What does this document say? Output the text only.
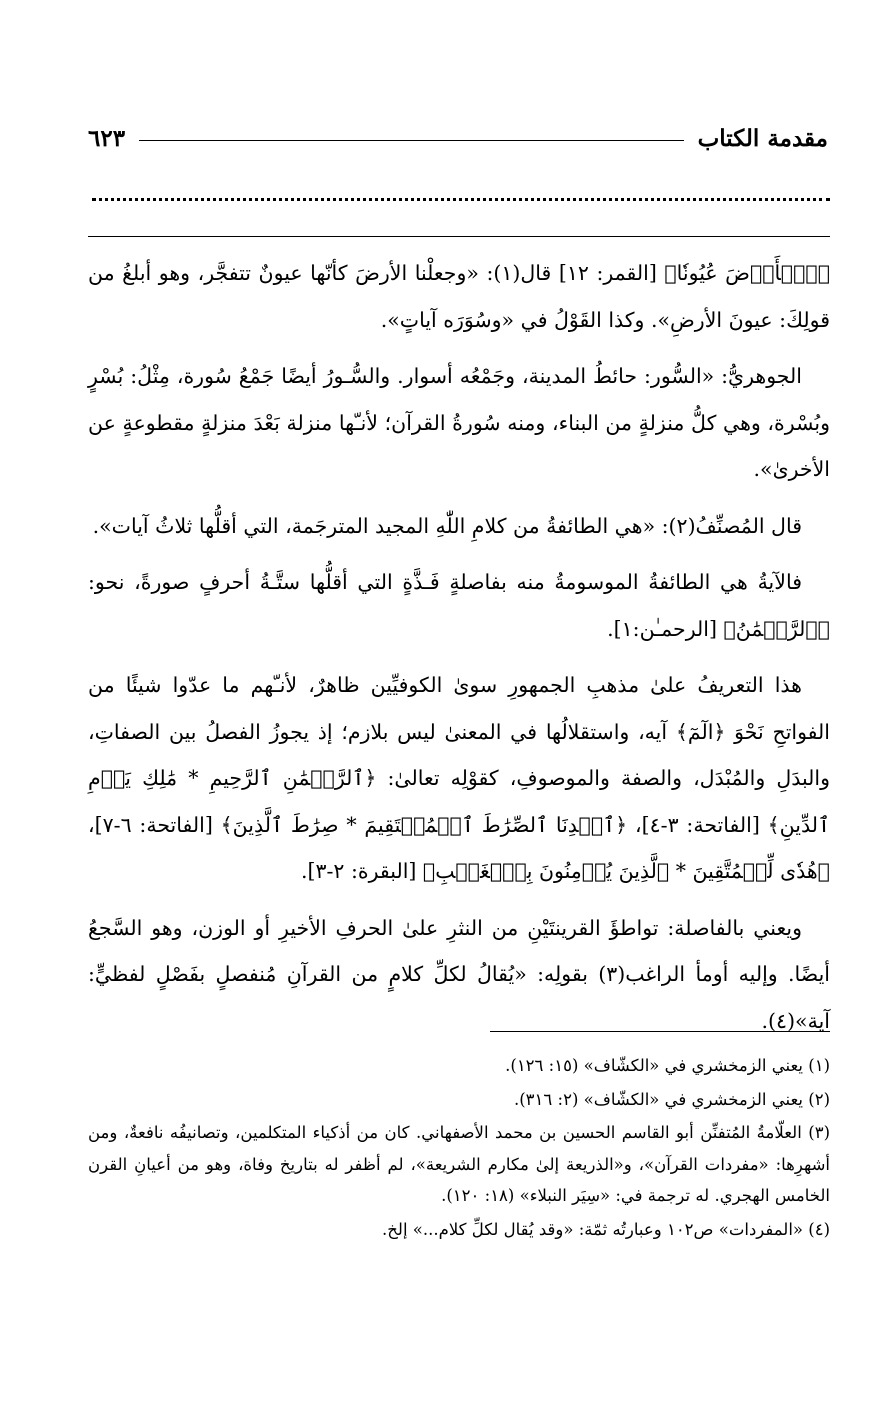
مقدمة الكتاب
٦٢٣

﴿ٱلۡأَرۡضَ عُيُونٗا﴾ [القمر: ١٢] قال(١): «وجعلْنا الأرضَ كأنّها عيونٌ تتفجَّر، وهو أبلغُ من قولِكَ: عيونَ الأرضِ». وكذا القَوْلُ في «وسُوَرَه آياتٍ».

الجوهريُّ: «السُّور: حائطُ المدينة، وجَمْعُه أسوار. والسُّـورُ أيضًا جَمْعُ سُورة، مِثْلُ: بُسْرٍ وبُسْرة، وهي كلُّ منزلةٍ من البناء، ومنه سُورةُ القرآن؛ لأنـّها منزلة بَعْدَ منزلةٍ مقطوعةٍ عن الأخرىٰ».

قال المُصنِّفُ(٢): «هي الطائفةُ من كلامِ اللّٰهِ المجيد المترجَمة، التي أقلُّها ثلاثُ آيات».

فالآيةُ هي الطائفةُ الموسومةُ منه بفاصلةٍ فَـذَّةٍ التي أقلُّها ستَّـةُ أحرفٍ صورةً، نحو: ﴿ٱلرَّحۡمَٰنُ﴾ [الرحمـٰن:١].

هذا التعريفُ علىٰ مذهبِ الجمهورِ سوىٰ الكوفيِّين ظاهرٌ، لأنـّهم ما عدّوا شيئًا من الفواتحِ نَحْوَ ﴿الٓمٓ﴾ آيه، واستقلالُها في المعنىٰ ليس بلازم؛ إذ يجوزُ الفصلُ بين الصفاتِ، والبدَلِ والمُبْدَل، والصفة والموصوفِ، كقوْلِه تعالىٰ: ﴿ٱلرَّحۡمَٰنِ ٱلرَّحِيمِ * مَٰلِكِ يَوۡمِ ٱلدِّينِ﴾ [الفاتحة: ٣-٤]، ﴿ٱهۡدِنَا ٱلصِّرَٰطَ ٱلۡمُسۡتَقِيمَ * صِرَٰطَ ٱلَّذِينَ﴾ [الفاتحة: ٦-٧]، ﴿هُدٗى لِّلۡمُتَّقِينَ * ٱلَّذِينَ يُؤۡمِنُونَ بِٱلۡغَيۡبِ﴾ [البقرة: ٢-٣].

ويعني بالفاصلة: تواطؤَ القرينتَيْنِ من النثرِ علىٰ الحرفِ الأخيرِ أو الوزن، وهو السَّجعُ أيضًا. وإليه أومأ الراغب(٣) بقولِه: «يُقالُ لكلِّ كلامٍ من القرآنِ مُنفصلٍ بفَصْلٍ لفظيٍّ: آية»(٤).

(١) يعني الزمخشري في «الكشّاف» (١٥: ١٢٦).
(٢) يعني الزمخشري في «الكشّاف» (٢: ٣١٦).
(٣) العلّامةُ المُتفنِّن أبو القاسم الحسين بن محمد الأصفهاني. كان من أذكياء المتكلمين، وتصانيفُه نافعةٌ، ومن أشهرِها: «مفردات القرآن»، و«الذريعة إلىٰ مكارم الشريعة»، لم أظفر له بتاريخ وفاة، وهو من أعيانِ القرن الخامس الهجري. له ترجمة في: «سِيَر النبلاء» (١٨: ١٢٠).
(٤) «المفردات» ص١٠٢ وعبارتُه ثمّة: «وقد يُقال لكلِّ كلام...» إلخ.
